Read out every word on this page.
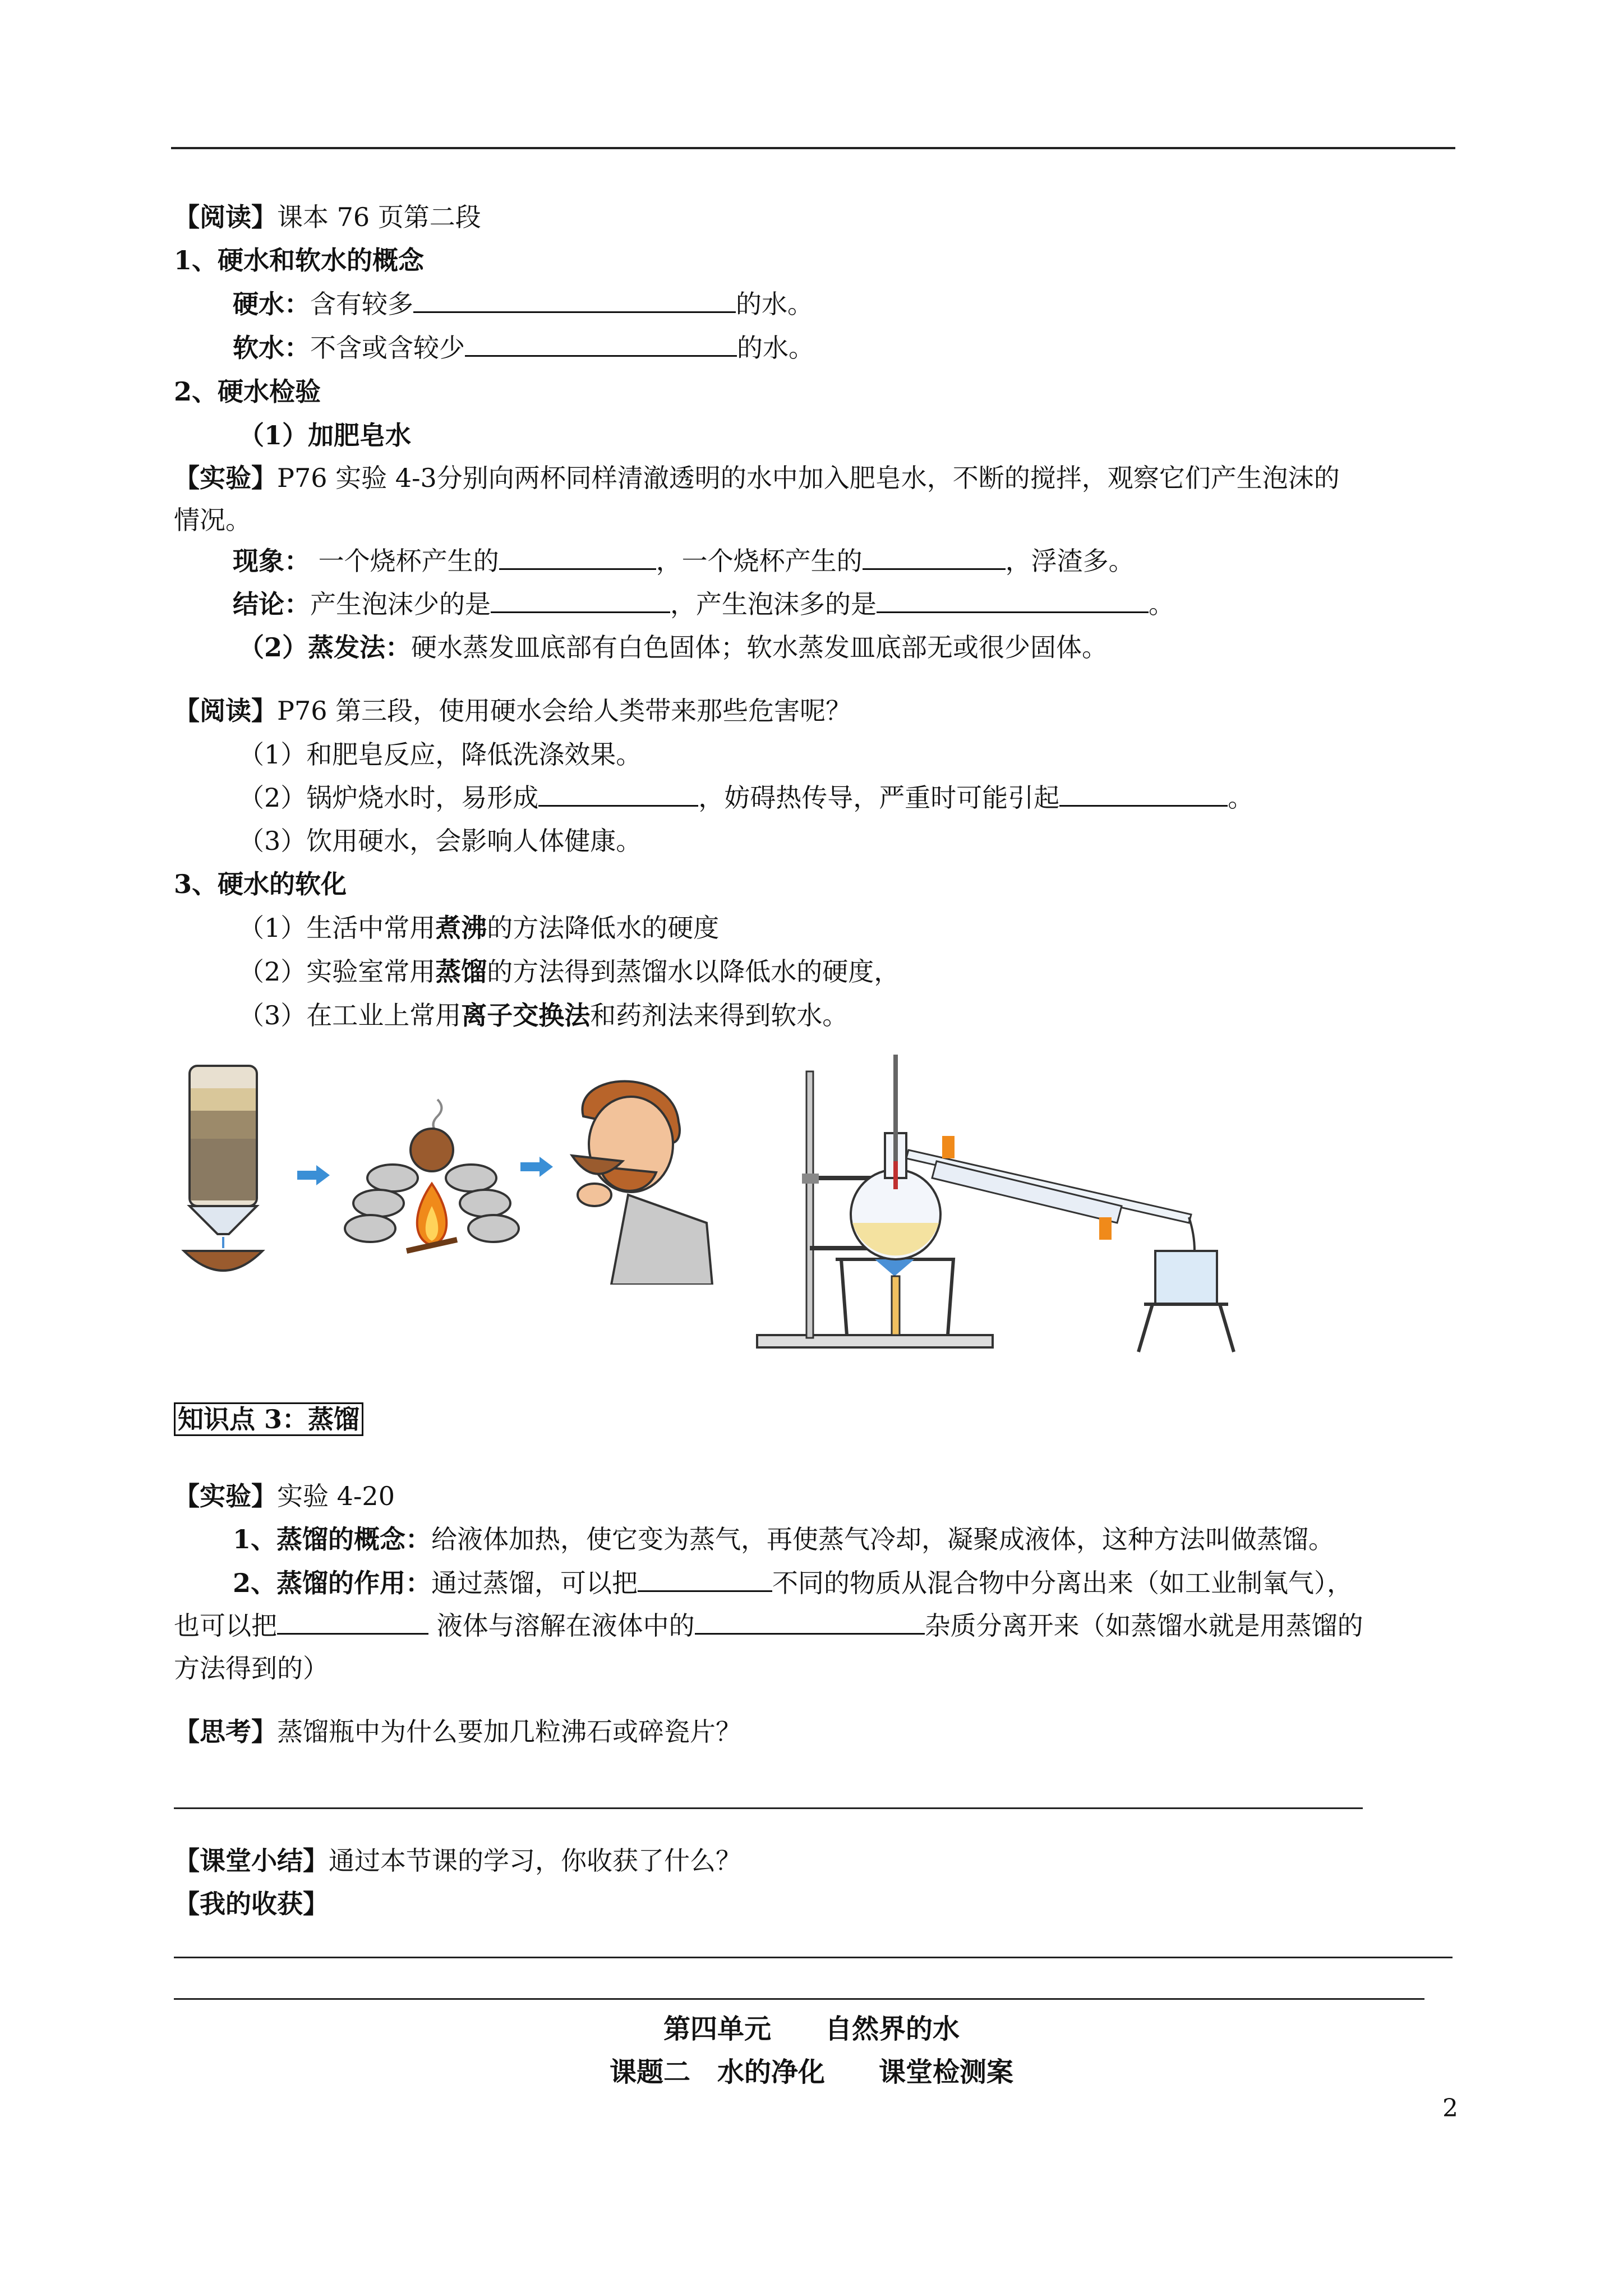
【阅读】课本 76 页第二段
1、硬水和软水的概念
硬水：含有较多	的水。
软水：不含或含较少	的水。
2、硬水检验
（1）加肥皂水
【实验】P76 实验 4-3分别向两杯同样清澈透明的水中加入肥皂水，不断的搅拌，观察它们产生泡沫的
情况。
现象： 一个烧杯产生的	，一个烧杯产生的	，浮渣多。
结论：产生泡沫少的是	，产生泡沫多的是	。
（2）蒸发法：硬水蒸发皿底部有白色固体；软水蒸发皿底部无或很少固体。
【阅读】P76 第三段，使用硬水会给人类带来那些危害呢？
（1）和肥皂反应，降低洗涤效果。
（2）锅炉烧水时，易形成	，妨碍热传导，严重时可能引起	。
（3）饮用硬水，会影响人体健康。
3、硬水的软化
（1）生活中常用煮沸的方法降低水的硬度
（2）实验室常用蒸馏的方法得到蒸馏水以降低水的硬度，
（3）在工业上常用离子交换法和药剂法来得到软水。
知识点 3：蒸馏
【实验】实验 4-20
1、蒸馏的概念：给液体加热，使它变为蒸气，再使蒸气冷却，凝聚成液体，这种方法叫做蒸馏。
2、蒸馏的作用：通过蒸馏，可以把	不同的物质从混合物中分离出来（如工业制氧气），
也可以把	液体与溶解在液体中的	杂质分离开来（如蒸馏水就是用蒸馏的
方法得到的）
【思考】蒸馏瓶中为什么要加几粒沸石或碎瓷片？
【课堂小结】通过本节课的学习，你收获了什么？
【我的收获】
第四单元　　自然界的水
课题二　水的净化　　课堂检测案
2
